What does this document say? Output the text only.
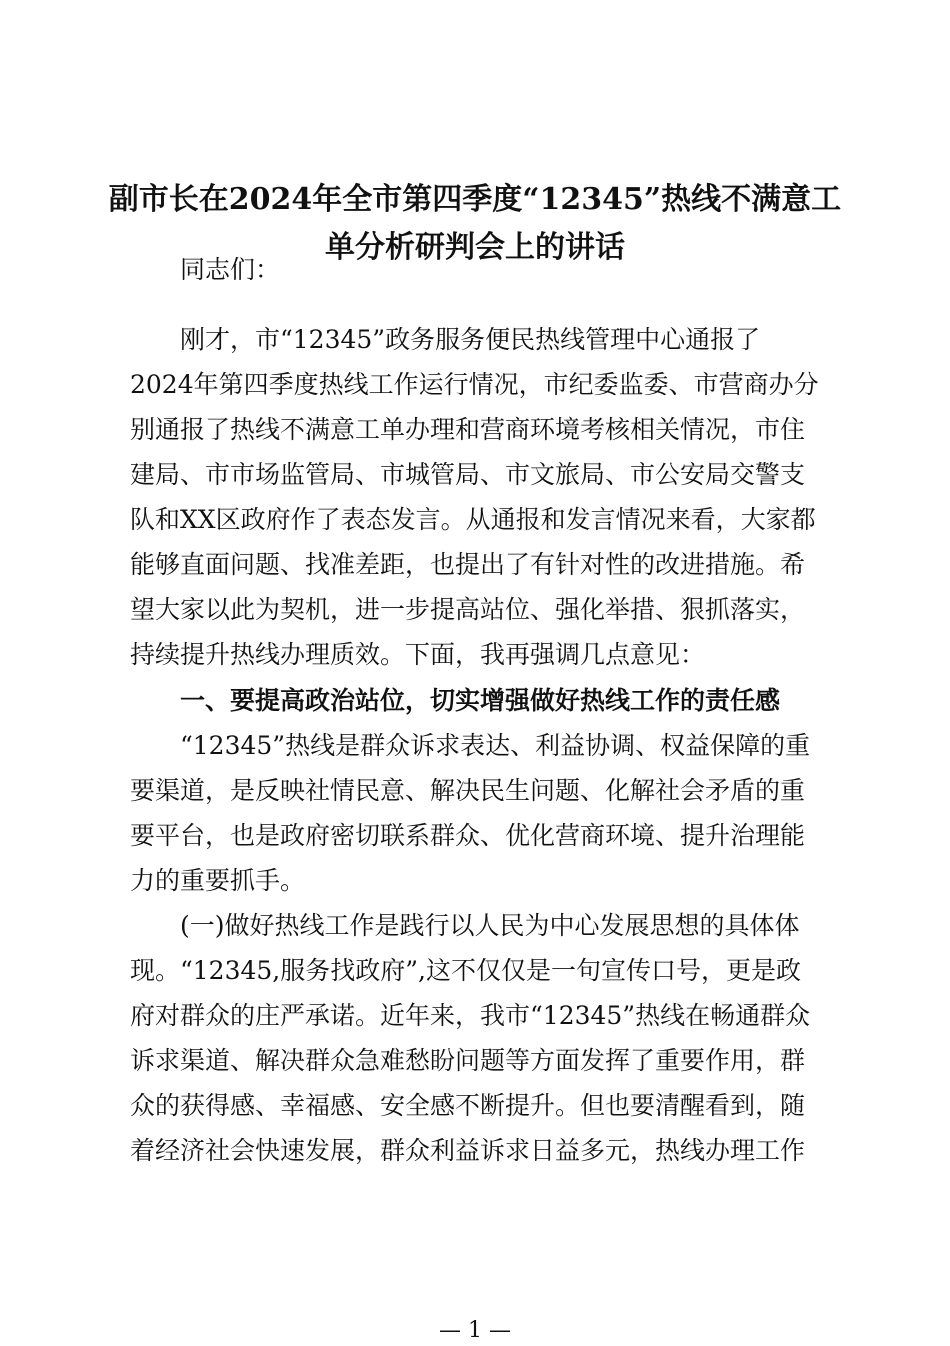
副市长在2024年全市第四季度“12345”热线不满意工
单分析研判会上的讲话

同志们：

刚才，市“12345”政务服务便民热线管理中心通报了

2024年第四季度热线工作运行情况，市纪委监委、市营商办分

别通报了热线不满意工单办理和营商环境考核相关情况，市住

建局、市市场监管局、市城管局、市文旅局、市公安局交警支

队和XX区政府作了表态发言。从通报和发言情况来看，大家都

能够直面问题、找准差距，也提出了有针对性的改进措施。希

望大家以此为契机，进一步提高站位、强化举措、狠抓落实，

持续提升热线办理质效。下面，我再强调几点意见：

一、要提高政治站位，切实增强做好热线工作的责任感

“12345”热线是群众诉求表达、利益协调、权益保障的重

要渠道，是反映社情民意、解决民生问题、化解社会矛盾的重

要平台，也是政府密切联系群众、优化营商环境、提升治理能

力的重要抓手。

(一)做好热线工作是践行以人民为中心发展思想的具体体

现。“12345,服务找政府”,这不仅仅是一句宣传口号，更是政

府对群众的庄严承诺。近年来，我市“12345”热线在畅通群众

诉求渠道、解决群众急难愁盼问题等方面发挥了重要作用，群

众的获得感、幸福感、安全感不断提升。但也要清醒看到，随

着经济社会快速发展，群众利益诉求日益多元，热线办理工作

— 1 —
